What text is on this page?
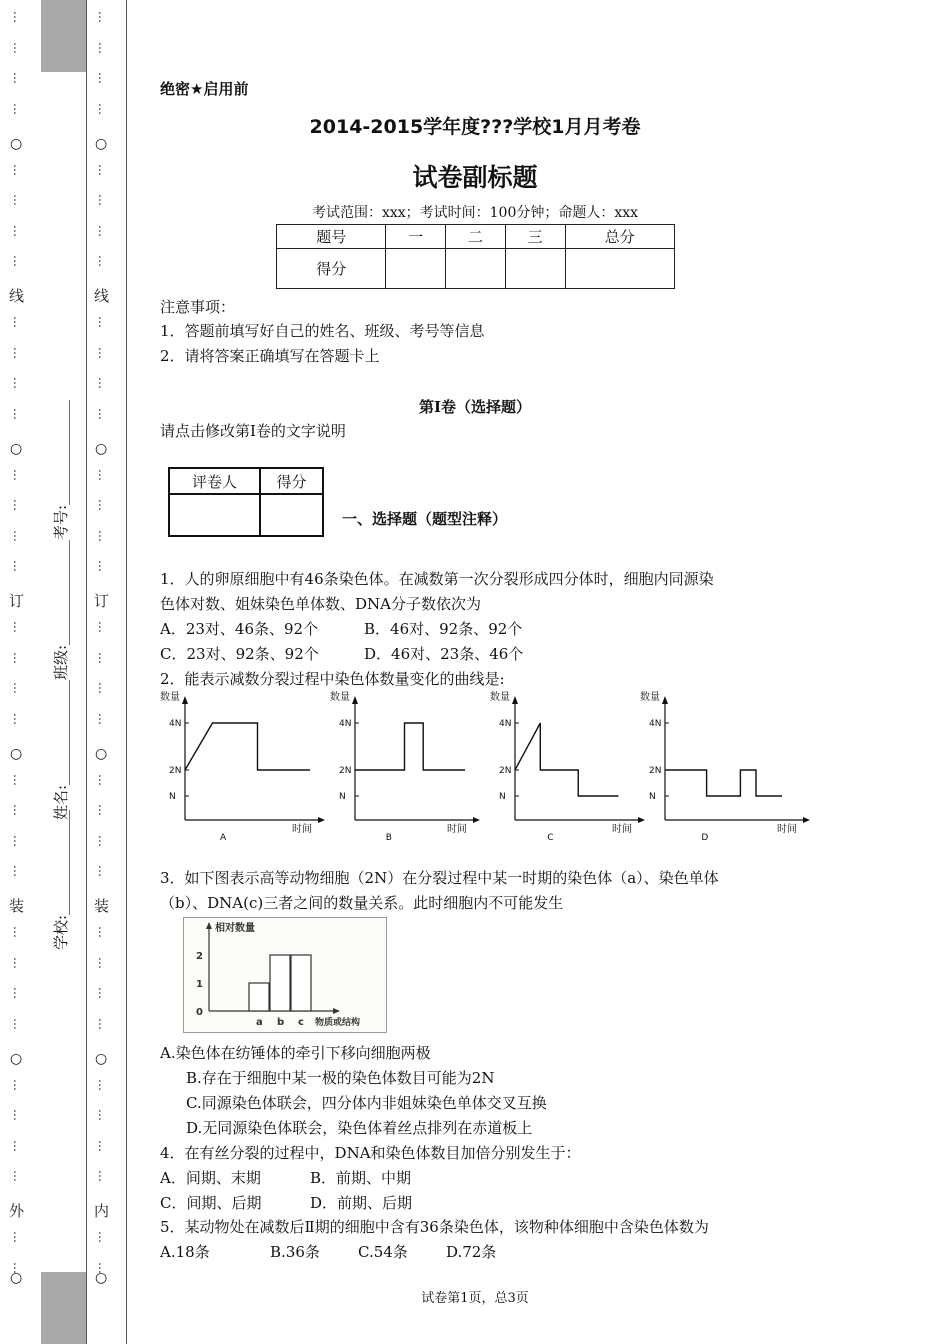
…
…
…
…
…
…
…
…
…
…
…
…
…
…
…
…
…
…
…
…
…
…
…
…
…
…
…
…
…
…
…
…
…
…
○
○
○
○
线
订
装
外
○
…
…
…
…
…
…
…
…
…
…
…
…
…
…
…
…
…
…
…
…
…
…
…
…
…
…
…
…
…
…
…
…
…
…
○
○
○
○
线
订
装
内
○
学校:______________
姓名:______________
班级:______________
考号:______________
绝密★启用前
2014-2015学年度???学校1月月考卷
试卷副标题
考试范围：xxx；考试时间：100分钟；命题人：xxx
题号	一	二	三	总分
得分				
注意事项：
1．答题前填写好自己的姓名、班级、考号等信息
2．请将答案正确填写在答题卡上
第I卷（选择题）
请点击修改第I卷的文字说明
评卷人	得分

一、选择题（题型注释）
1．人的卵原细胞中有46条染色体。在减数第一次分裂形成四分体时，细胞内同源染
色体对数、姐妹染色单体数、DNA分子数依次为
A．23对、46条、92个	B．46对、92条、92个
C．23对、92条、92个	D．46对、23条、46个
2．能表示减数分裂过程中染色体数量变化的曲线是:
数量
时间
4N
2N
N
A
数量
时间
4N
2N
N
B
数量
时间
4N
2N
N
C
数量
时间
4N
2N
N
D
3．如下图表示高等动物细胞（2N）在分裂过程中某一时期的染色体（a）、染色单体
（b）、DNA(c)三者之间的数量关系。此时细胞内不可能发生
相对数量
物质或结构
2
1
0
a b c
A.染色体在纺锤体的牵引下移向细胞两极
B.存在于细胞中某一极的染色体数目可能为2N
C.同源染色体联会，四分体内非姐妹染色单体交叉互换
D.无同源染色体联会，染色体着丝点排列在赤道板上
4．在有丝分裂的过程中，DNA和染色体数目加倍分别发生于：
A．间期、末期	B．前期、中期
C．间期、后期	D．前期、后期
5．某动物处在减数后Ⅱ期的细胞中含有36条染色体，该物种体细胞中含染色体数为
A.18条	B.36条	C.54条	D.72条
试卷第1页，总3页
